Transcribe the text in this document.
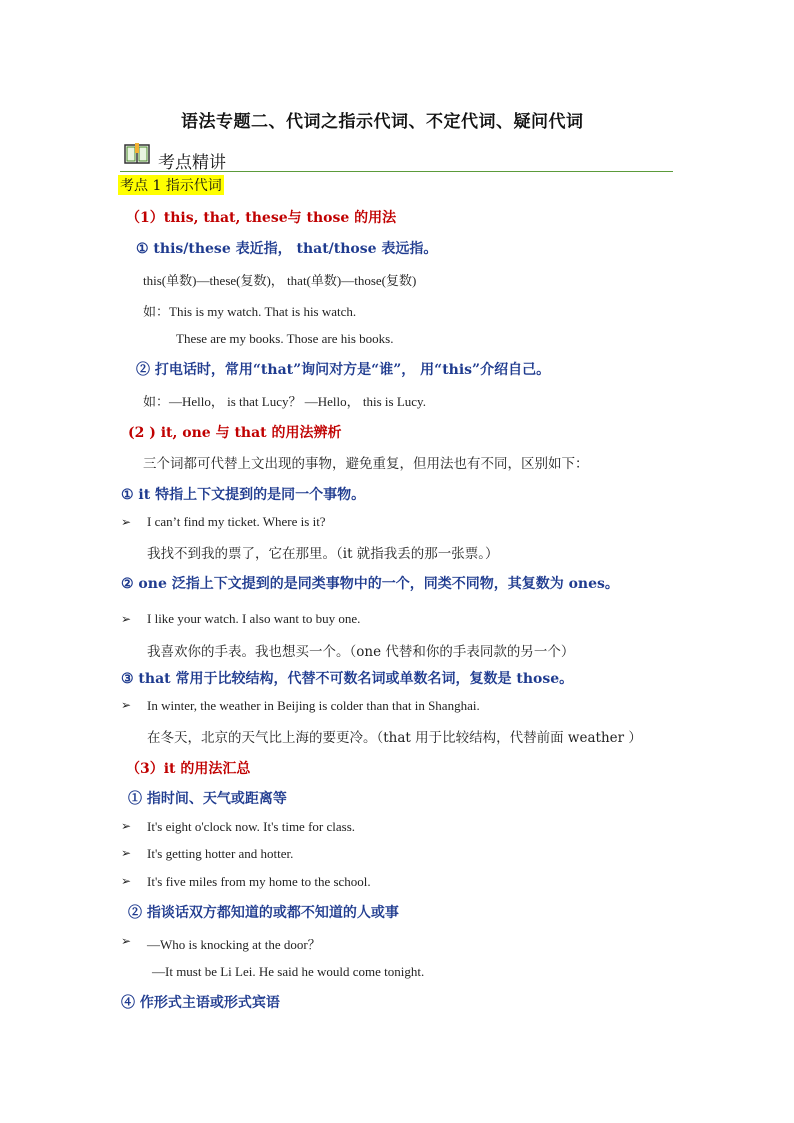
语法专题二、代词之指示代词、不定代词、疑问代词
考点精讲
考点 1 指示代词
（1）this, that, these与 those 的用法
① this/these 表近指， that/those 表远指。
this(单数)—these(复数)， that(单数)—those(复数)
如：This is my watch. That is his watch.
These are my books. Those are his books.
② 打电话时，常用“that”询问对方是“谁”， 用“this”介绍自己。
如：—Hello， is that Lucy？ —Hello， this is Lucy.
(2 ) it, one 与 that 的用法辨析
三个词都可代替上文出现的事物，避免重复，但用法也有不同，区别如下：
① it 特指上下文提到的是同一个事物。
➢ I can’t find my ticket. Where is it?
我找不到我的票了，它在那里。（it 就指我丢的那一张票。）
② one 泛指上下文提到的是同类事物中的一个，同类不同物，其复数为 ones。
➢ I like your watch. I also want to buy one.
我喜欢你的手表。我也想买一个。（one 代替和你的手表同款的另一个）
③ that 常用于比较结构，代替不可数名词或单数名词，复数是 those。
➢ In winter, the weather in Beijing is colder than that in Shanghai.
在冬天，北京的天气比上海的要更冷。（that 用于比较结构，代替前面 weather ）
（3）it 的用法汇总
① 指时间、天气或距离等
➢ It's eight o'clock now. It's time for class.
➢ It's getting hotter and hotter.
➢ It's five miles from my home to the school.
② 指谈话双方都知道的或都不知道的人或事
➢ —Who is knocking at the door？
—It must be Li Lei. He said he would come tonight.
④ 作形式主语或形式宾语
